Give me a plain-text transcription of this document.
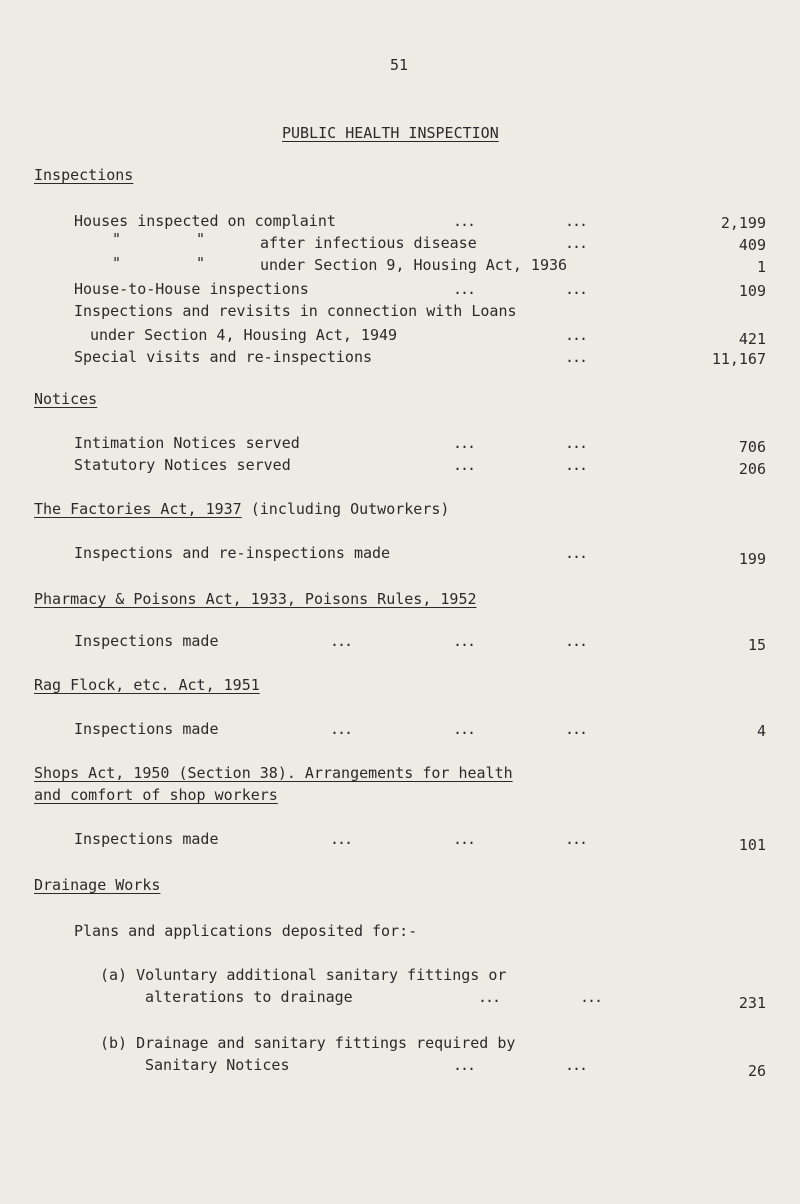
51
PUBLIC HEALTH INSPECTION
Inspections
Houses inspected on complaint	...	...	2,199
"	"	after infectious disease	...	409
"	"	under Section 9, Housing Act, 1936	1
House-to-House inspections	...	...	109
Inspections and revisits in connection with Loans
under Section 4, Housing Act, 1949	...	421
Special visits and re-inspections	...	11,167
Notices
Intimation Notices served	...	...	706
Statutory Notices served	...	...	206
The Factories Act, 1937 (including Outworkers)
Inspections and re-inspections made	...	199
Pharmacy & Poisons Act, 1933, Poisons Rules, 1952
Inspections made	...	...	...	15
Rag Flock, etc. Act, 1951
Inspections made	...	...	...	4
Shops Act, 1950 (Section 38). Arrangements for health
and comfort of shop workers
Inspections made	...	...	...	101
Drainage Works
Plans and applications deposited for:-
(a) Voluntary additional sanitary fittings or
alterations to drainage	...	...	231
(b) Drainage and sanitary fittings required by
Sanitary Notices	...	...	26
